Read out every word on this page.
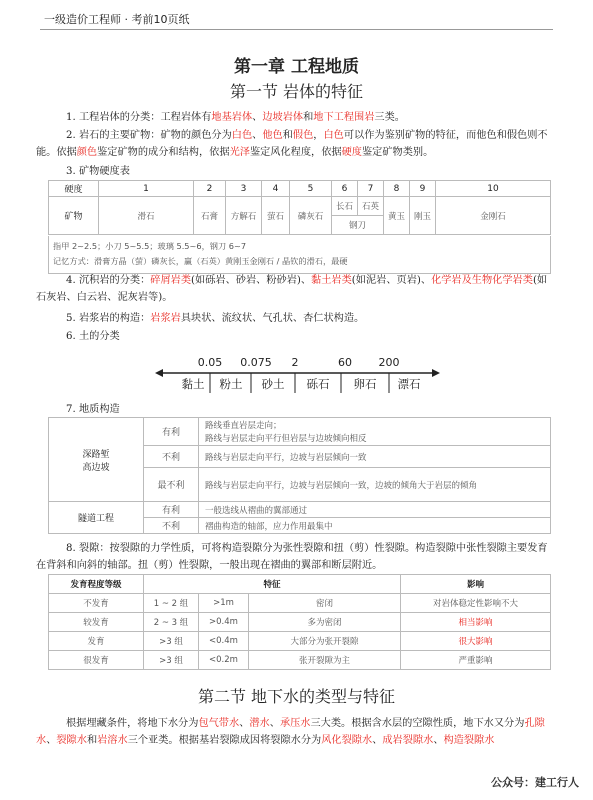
一级造价工程师 · 考前10页纸
第一章 工程地质
第一节 岩体的特征
1. 工程岩体的分类：工程岩体有地基岩体、边坡岩体和地下工程围岩三类。
2. 岩石的主要矿物：矿物的颜色分为白色、他色和假色，白色可以作为鉴别矿物的特征，而他色和假色则不能。依据颜色鉴定矿物的成分和结构，依据光泽鉴定风化程度，依据硬度鉴定矿物类别。
3. 矿物硬度表
硬度	1	2	3	4	5	6	7	8	9	10
矿物	滑石	石膏	方解石	萤石	磷灰石	长石	石英	黄玉	刚玉	金刚石
						钢刀				
指甲 2~2.5；小刀 5~5.5；玻璃 5.5~6，钢刀 6~7
记忆方式：滑膏方晶（萤）磷灰长，赢（石英）黄刚玉金刚石 / 晶钦的滑石，最硬
4. 沉积岩的分类：碎屑岩类(如砾岩、砂岩、粉砂岩)、黏土岩类(如泥岩、页岩)、化学岩及生物化学岩类(如石灰岩、白云岩、泥灰岩等)。
5. 岩浆岩的构造：岩浆岩具块状、流纹状、气孔状、杏仁状构造。
6. 土的分类
0.05 0.075 2	60 200
黏土 粉土 砂土 砾石 卵石 漂石
7. 地质构造
深路堑
高边坡	有利	路线垂直岩层走向；
		路线与岩层走向平行但岩层与边坡倾向相反
	不利	路线与岩层走向平行，边坡与岩层倾向一致
	最不利	路线与岩层走向平行，边坡与岩层倾向一致，边坡的倾角大于岩层的倾角
隧道工程	有利	一般选线从褶曲的翼部通过
	不利	褶曲构造的轴部，应力作用最集中
8. 裂隙：按裂隙的力学性质，可将构造裂隙分为张性裂隙和扭（剪）性裂隙。构造裂隙中张性裂隙主要发育在背斜和向斜的轴部。扭（剪）性裂隙，一般出现在褶曲的翼部和断层附近。
发育程度等级	特征			影响
不发育	1 ~ 2 组	>1m	密闭	对岩体稳定性影响不大
较发育	2 ~ 3 组	>0.4m	多为密闭	相当影响
发育	>3 组	<0.4m	大部分为张开裂隙	很大影响
很发育	>3 组	<0.2m	张开裂隙为主	严重影响
第二节 地下水的类型与特征
根据埋藏条件，将地下水分为包气带水、潜水、承压水三大类。根据含水层的空隙性质，地下水又分为孔隙水、裂隙水和岩溶水三个亚类。根据基岩裂隙成因将裂隙水分为风化裂隙水、成岩裂隙水、构造裂隙水
公众号：建工行人
